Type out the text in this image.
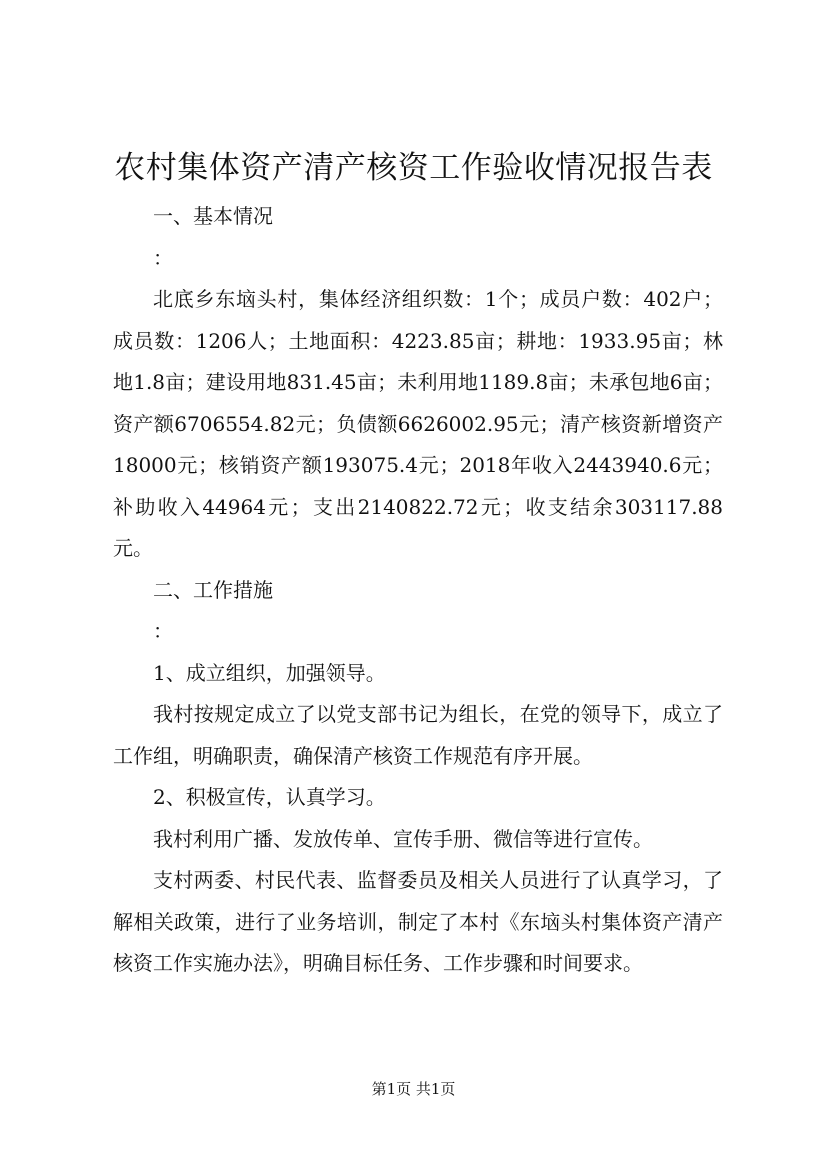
农村集体资产清产核资工作验收情况报告表

一、基本情况

：

北底乡东垴头村，集体经济组织数：1个；成员户数：402户；成员数：1206人；土地面积：4223.85亩；耕地：1933.95亩；林地1.8亩；建设用地831.45亩；未利用地1189.8亩；未承包地6亩；资产额6706554.82元；负债额6626002.95元；清产核资新增资产18000元；核销资产额193075.4元；2018年收入2443940.6元；补助收入44964元；支出2140822.72元；收支结余303117.88元。

二、工作措施

：

1、成立组织，加强领导。

我村按规定成立了以党支部书记为组长，在党的领导下，成立了工作组，明确职责，确保清产核资工作规范有序开展。

2、积极宣传，认真学习。

我村利用广播、发放传单、宣传手册、微信等进行宣传。

支村两委、村民代表、监督委员及相关人员进行了认真学习，了解相关政策，进行了业务培训，制定了本村《东垴头村集体资产清产核资工作实施办法》，明确目标任务、工作步骤和时间要求。

第1页 共1页
